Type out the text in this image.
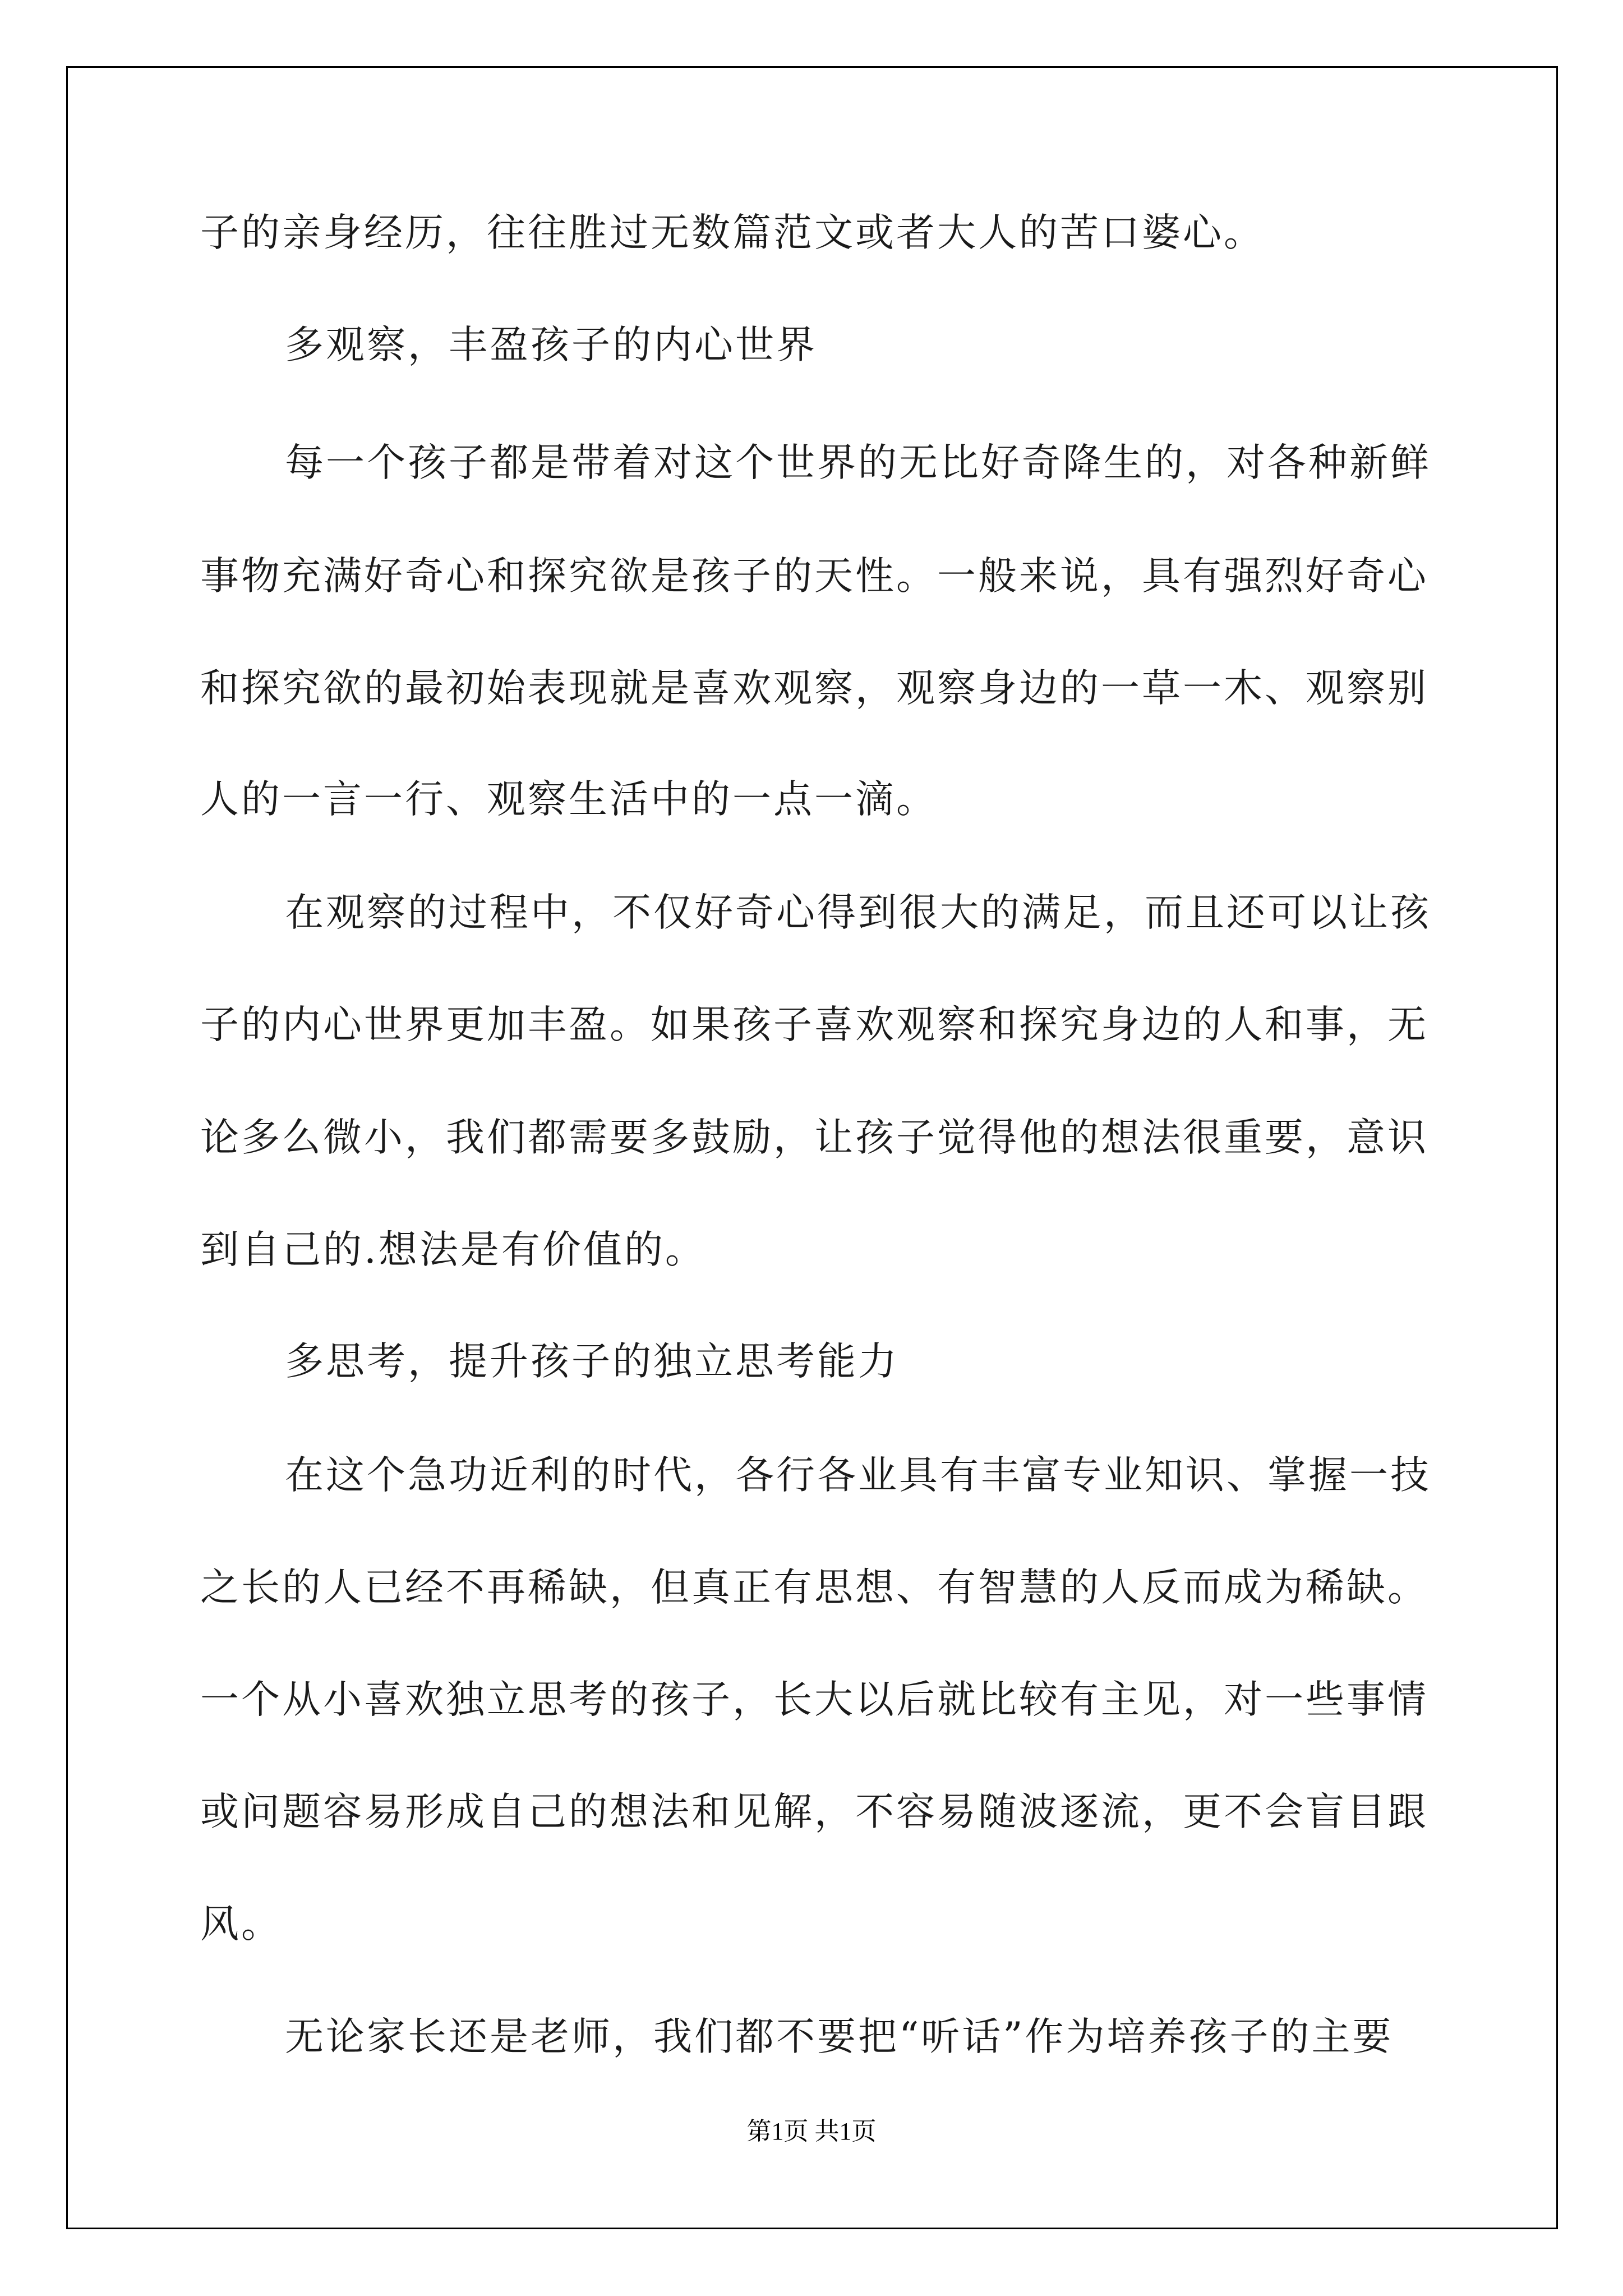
子的亲身经历，往往胜过无数篇范文或者大人的苦口婆心。

多观察，丰盈孩子的内心世界

每一个孩子都是带着对这个世界的无比好奇降生的，对各种新鲜

事物充满好奇心和探究欲是孩子的天性。一般来说，具有强烈好奇心

和探究欲的最初始表现就是喜欢观察，观察身边的一草一木、观察别

人的一言一行、观察生活中的一点一滴。

在观察的过程中，不仅好奇心得到很大的满足，而且还可以让孩

子的内心世界更加丰盈。如果孩子喜欢观察和探究身边的人和事，无

论多么微小，我们都需要多鼓励，让孩子觉得他的想法很重要，意识

到自己的.想法是有价值的。

多思考，提升孩子的独立思考能力

在这个急功近利的时代，各行各业具有丰富专业知识、掌握一技

之长的人已经不再稀缺，但真正有思想、有智慧的人反而成为稀缺。

一个从小喜欢独立思考的孩子，长大以后就比较有主见，对一些事情

或问题容易形成自己的想法和见解，不容易随波逐流，更不会盲目跟

风。

无论家长还是老师，我们都不要把“听话”作为培养孩子的主要

第1页 共1页
